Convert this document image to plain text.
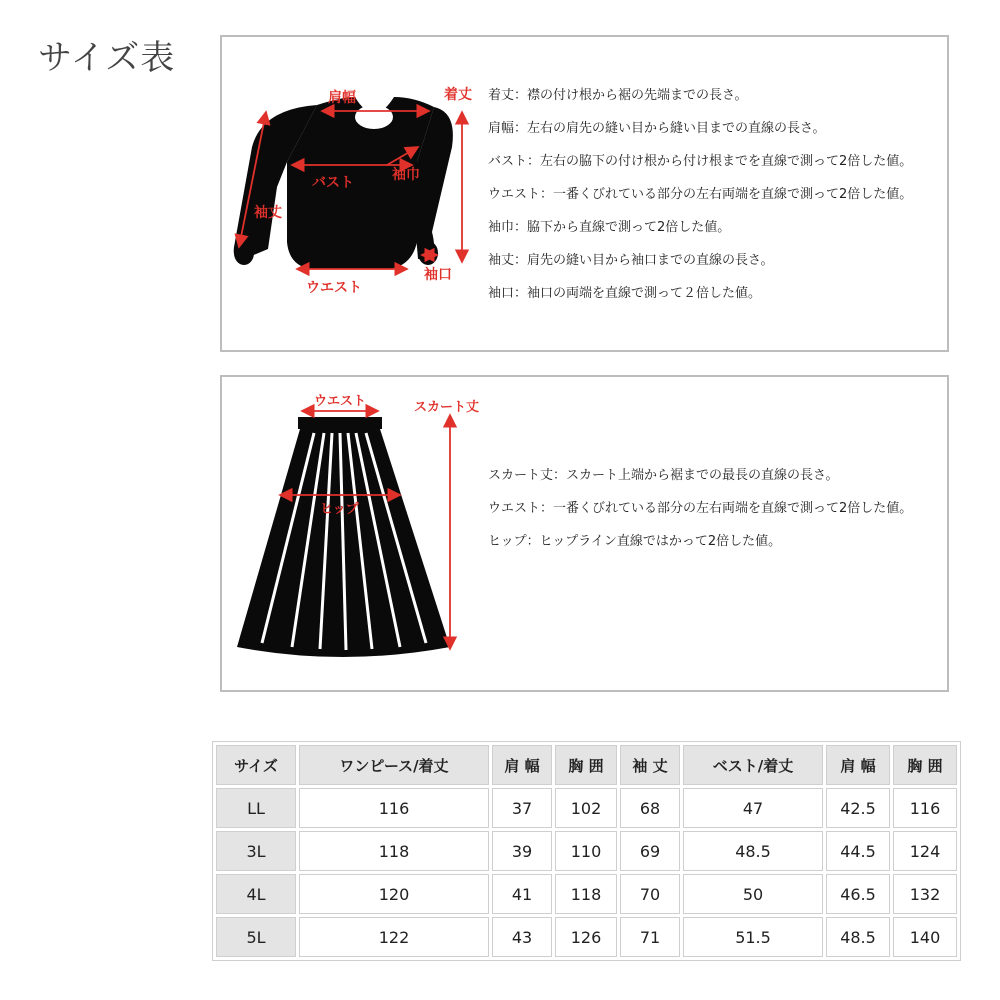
サイズ表
肩幅	着丈
バスト	袖巾
袖丈
ウエスト
袖口
着丈：襟の付け根から裾の先端までの長さ。
肩幅：左右の肩先の縫い目から縫い目までの直線の長さ。
バスト：左右の脇下の付け根から付け根までを直線で測って2倍した値。
ウエスト：一番くびれている部分の左右両端を直線で測って2倍した値。
袖巾：脇下から直線で測って2倍した値。
袖丈：肩先の縫い目から袖口までの直線の長さ。
袖口：袖口の両端を直線で測って２倍した値。
ウエスト	スカート丈
ヒップ
スカート丈：スカート上端から裾までの最長の直線の長さ。
ウエスト：一番くびれている部分の左右両端を直線で測って2倍した値。
ヒップ：ヒップライン直線ではかって2倍した値。
サイズ	ワンピース/着丈	肩 幅	胸 囲	袖 丈	ベスト/着丈	肩 幅	胸 囲
LL	116	37	102	68	47	42.5	116
3L	118	39	110	69	48.5	44.5	124
4L	120	41	118	70	50	46.5	132
5L	122	43	126	71	51.5	48.5	140
